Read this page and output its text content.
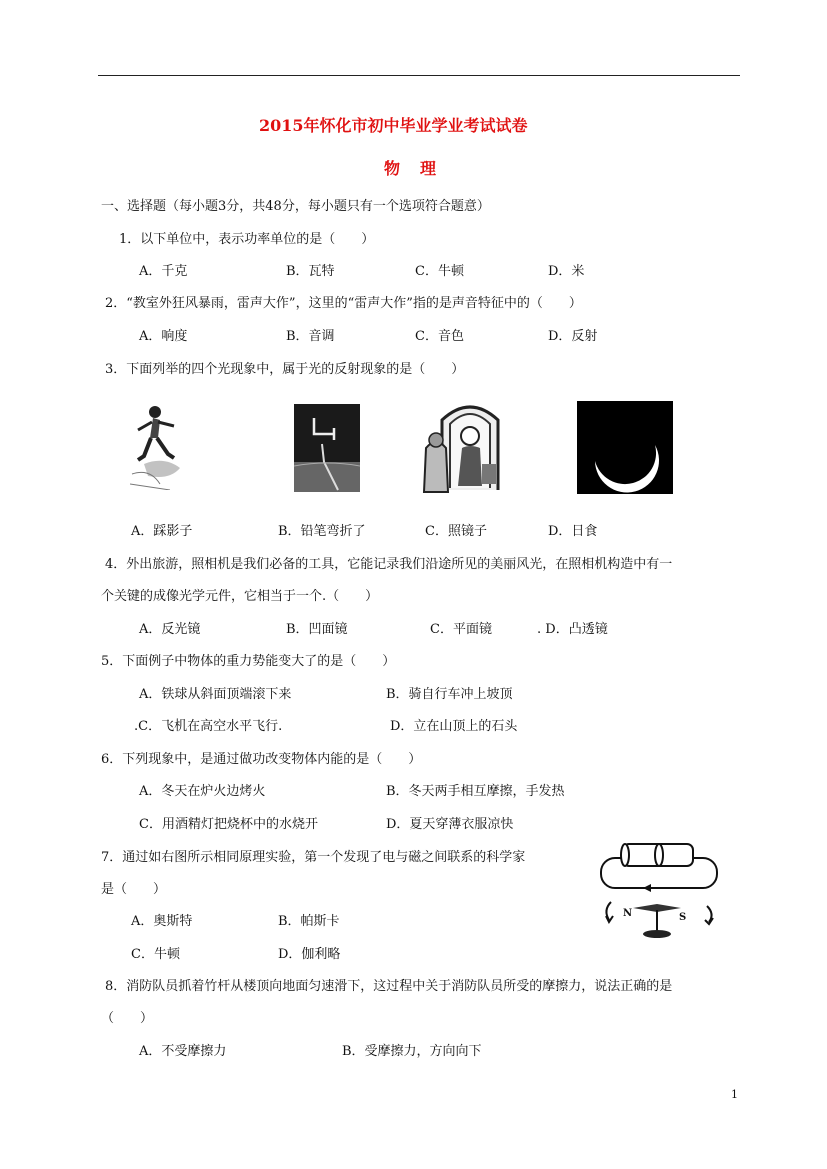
2015年怀化市初中毕业学业考试试卷
物　理
一、选择题（每小题3分，共48分，每小题只有一个选项符合题意）
1．以下单位中，表示功率单位的是（　　）
A．千克	B．瓦特	C．牛顿	D．米
2．“教室外狂风暴雨，雷声大作”，这里的“雷声大作”指的是声音特征中的（　　）
A．响度	B．音调	C．音色	D．反射
3．下面列举的四个光现象中，属于光的反射现象的是（　　）
A．踩影子	B．铅笔弯折了	C．照镜子	D．日食
4．外出旅游，照相机是我们必备的工具，它能记录我们沿途所见的美丽风光，在照相机构造中有一
个关键的成像光学元件，它相当于一个.（　　）
A．反光镜	B．凹面镜	C．平面镜	. D．凸透镜
5．下面例子中物体的重力势能变大了的是（　　）
A．铁球从斜面顶端滚下来	B．骑自行车冲上坡顶
.C．飞机在高空水平飞行.	D．立在山顶上的石头
6．下列现象中，是通过做功改变物体内能的是（　　）
A．冬天在炉火边烤火	B．冬天两手相互摩擦，手发热
C．用酒精灯把烧杯中的水烧开	D．夏天穿薄衣服凉快
7．通过如右图所示相同原理实验，第一个发现了电与磁之间联系的科学家
是（　　）
A．奥斯特	B．帕斯卡
C．牛顿	D．伽利略
N	S
8．消防队员抓着竹杆从楼顶向地面匀速滑下，这过程中关于消防队员所受的摩擦力，说法正确的是
（　　）
A．不受摩擦力	B．受摩擦力，方向向下
1
